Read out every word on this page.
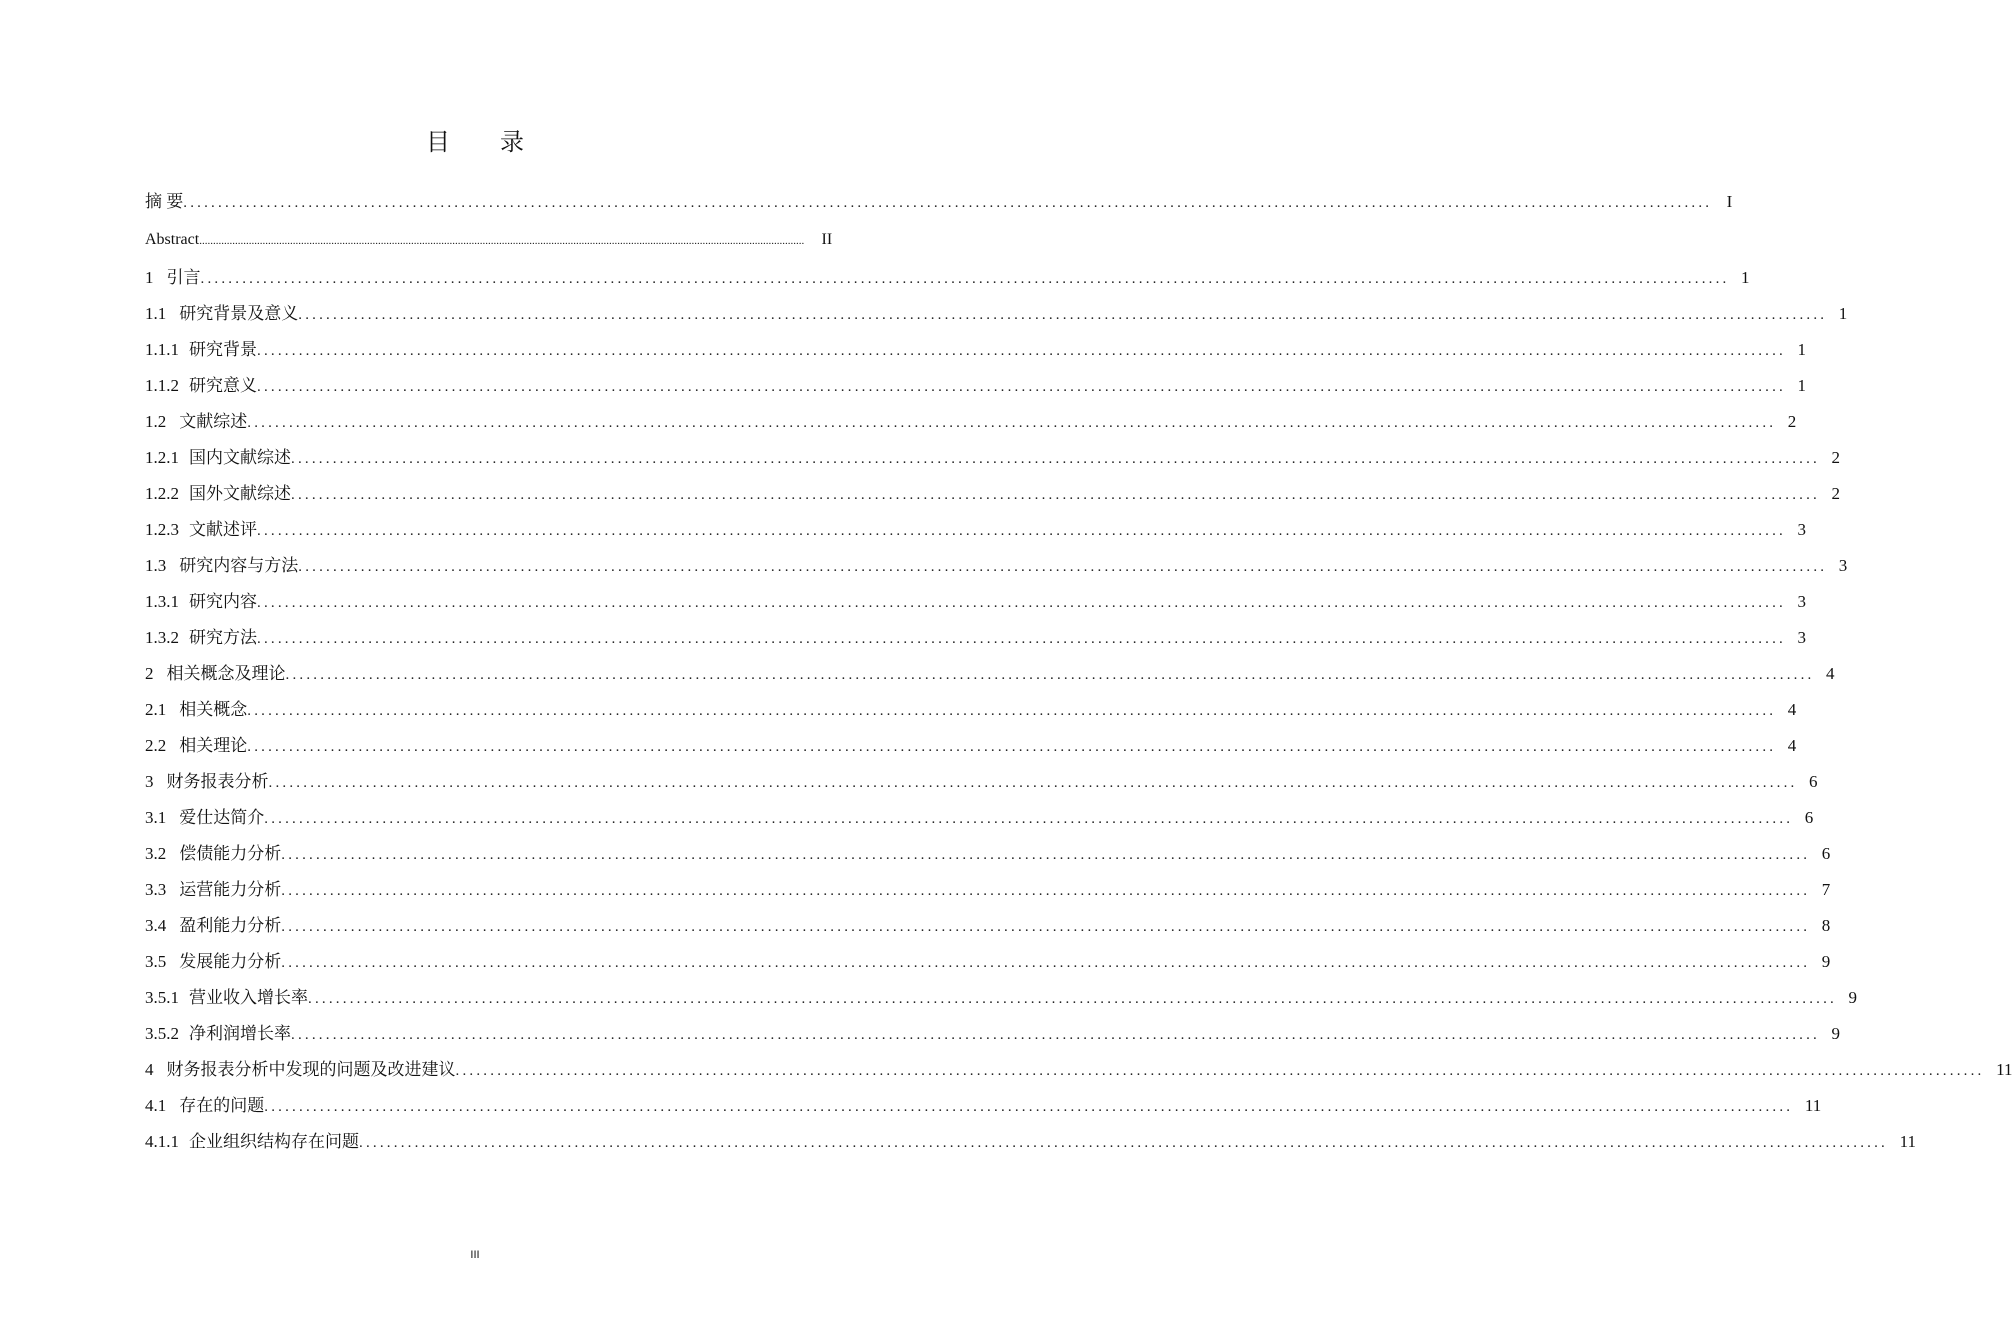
目 录
摘 要 ............................................................................................................................................................................................................................ I
Abstract ............................................................................................................................................................................................................................	II
1 引言 ............................................................................................................................................................................................................................ 1
1.1 研究背景及意义 ............................................................................................................................................................................................................................ 1
1.1.1 研究背景 ............................................................................................................................................................................................................................ 1
1.1.2 研究意义 ............................................................................................................................................................................................................................ 1
1.2 文献综述 ............................................................................................................................................................................................................................ 2
1.2.1 国内文献综述 ............................................................................................................................................................................................................................ 2
1.2.2 国外文献综述 ............................................................................................................................................................................................................................ 2
1.2.3 文献述评 ............................................................................................................................................................................................................................ 3
1.3 研究内容与方法 ............................................................................................................................................................................................................................ 3
1.3.1 研究内容 ............................................................................................................................................................................................................................ 3
1.3.2 研究方法 ............................................................................................................................................................................................................................ 3
2 相关概念及理论 ............................................................................................................................................................................................................................ 4
2.1 相关概念 ............................................................................................................................................................................................................................ 4
2.2 相关理论 ............................................................................................................................................................................................................................ 4
3 财务报表分析 ............................................................................................................................................................................................................................ 6
3.1 爱仕达简介 ............................................................................................................................................................................................................................ 6
3.2 偿债能力分析 ............................................................................................................................................................................................................................ 6
3.3 运营能力分析 ............................................................................................................................................................................................................................ 7
3.4 盈利能力分析 ............................................................................................................................................................................................................................ 8
3.5 发展能力分析 ............................................................................................................................................................................................................................ 9
3.5.1 营业收入增长率 ............................................................................................................................................................................................................................ 9
3.5.2 净利润增长率 ............................................................................................................................................................................................................................ 9
4 财务报表分析中发现的问题及改进建议 ............................................................................................................................................................................................................................ 11
4.1 存在的问题 ............................................................................................................................................................................................................................ 11
4.1.1 企业组织结构存在问题 ............................................................................................................................................................................................................................ 11
III
